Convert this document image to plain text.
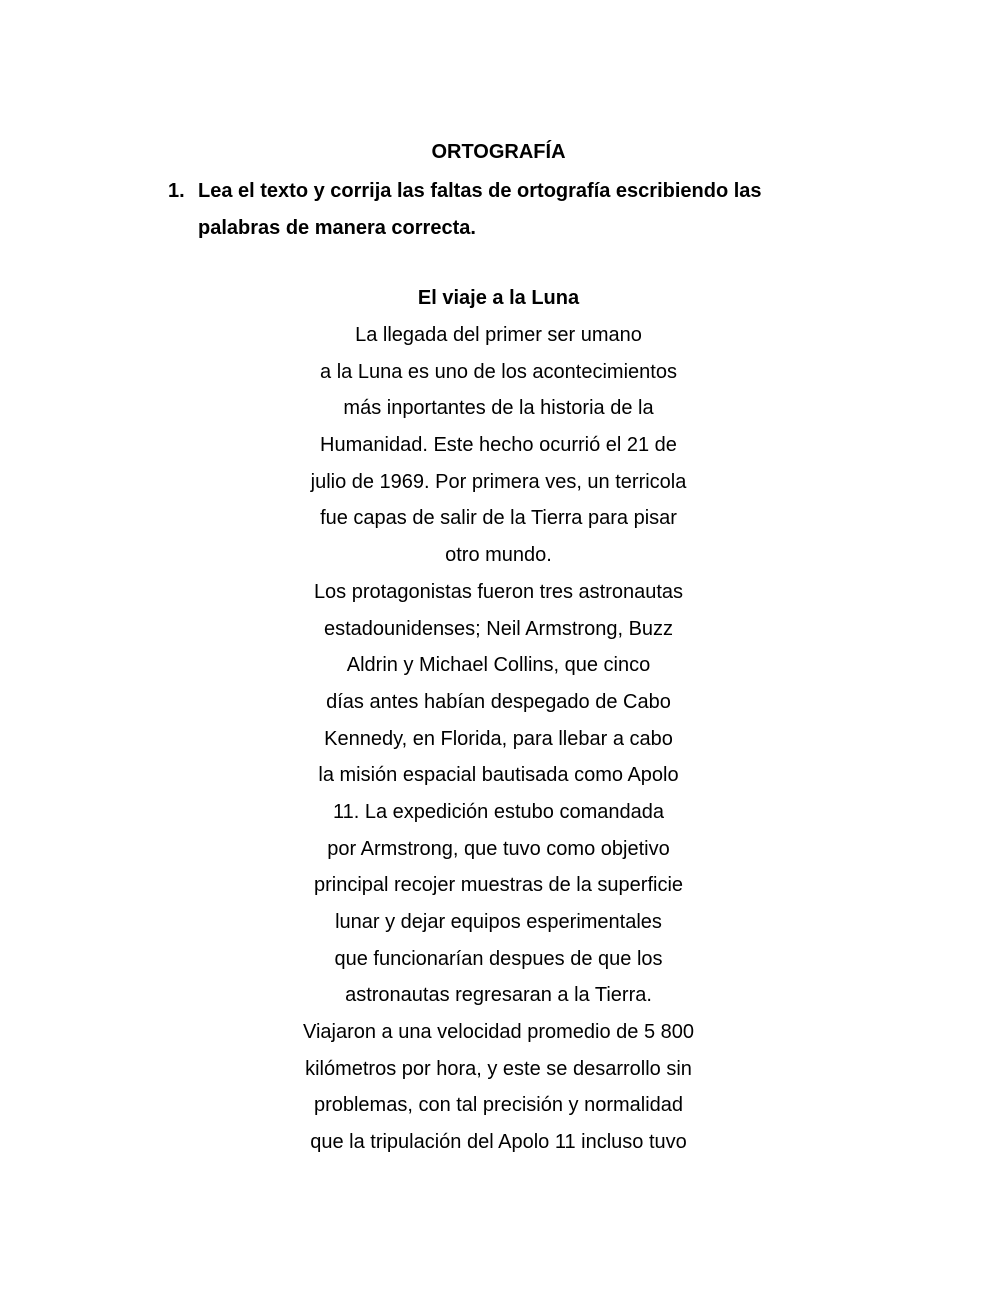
ORTOGRAFÍA
1. Lea el texto y corrija las faltas de ortografía escribiendo las palabras de manera correcta.
El viaje a la Luna
La llegada del primer ser umano
a la Luna es uno de los acontecimientos
más inportantes de la historia de la
Humanidad. Este hecho ocurrió el 21 de
julio de 1969. Por primera ves, un terricola
fue capas de salir de la Tierra para pisar
otro mundo.
Los protagonistas fueron tres astronautas
estadounidenses; Neil Armstrong, Buzz
Aldrin y Michael Collins, que cinco
días antes habían despegado de Cabo
Kennedy, en Florida, para llebar a cabo
la misión espacial bautisada como Apolo
11. La expedición estubo comandada
por Armstrong, que tuvo como objetivo
principal recojer muestras de la superficie
lunar y dejar equipos esperimentales
que funcionarían despues de que los
astronautas regresaran a la Tierra.
Viajaron a una velocidad promedio de 5 800
kilómetros por hora, y este se desarrollo sin
problemas, con tal precisión y normalidad
que la tripulación del Apolo 11 incluso tuvo
